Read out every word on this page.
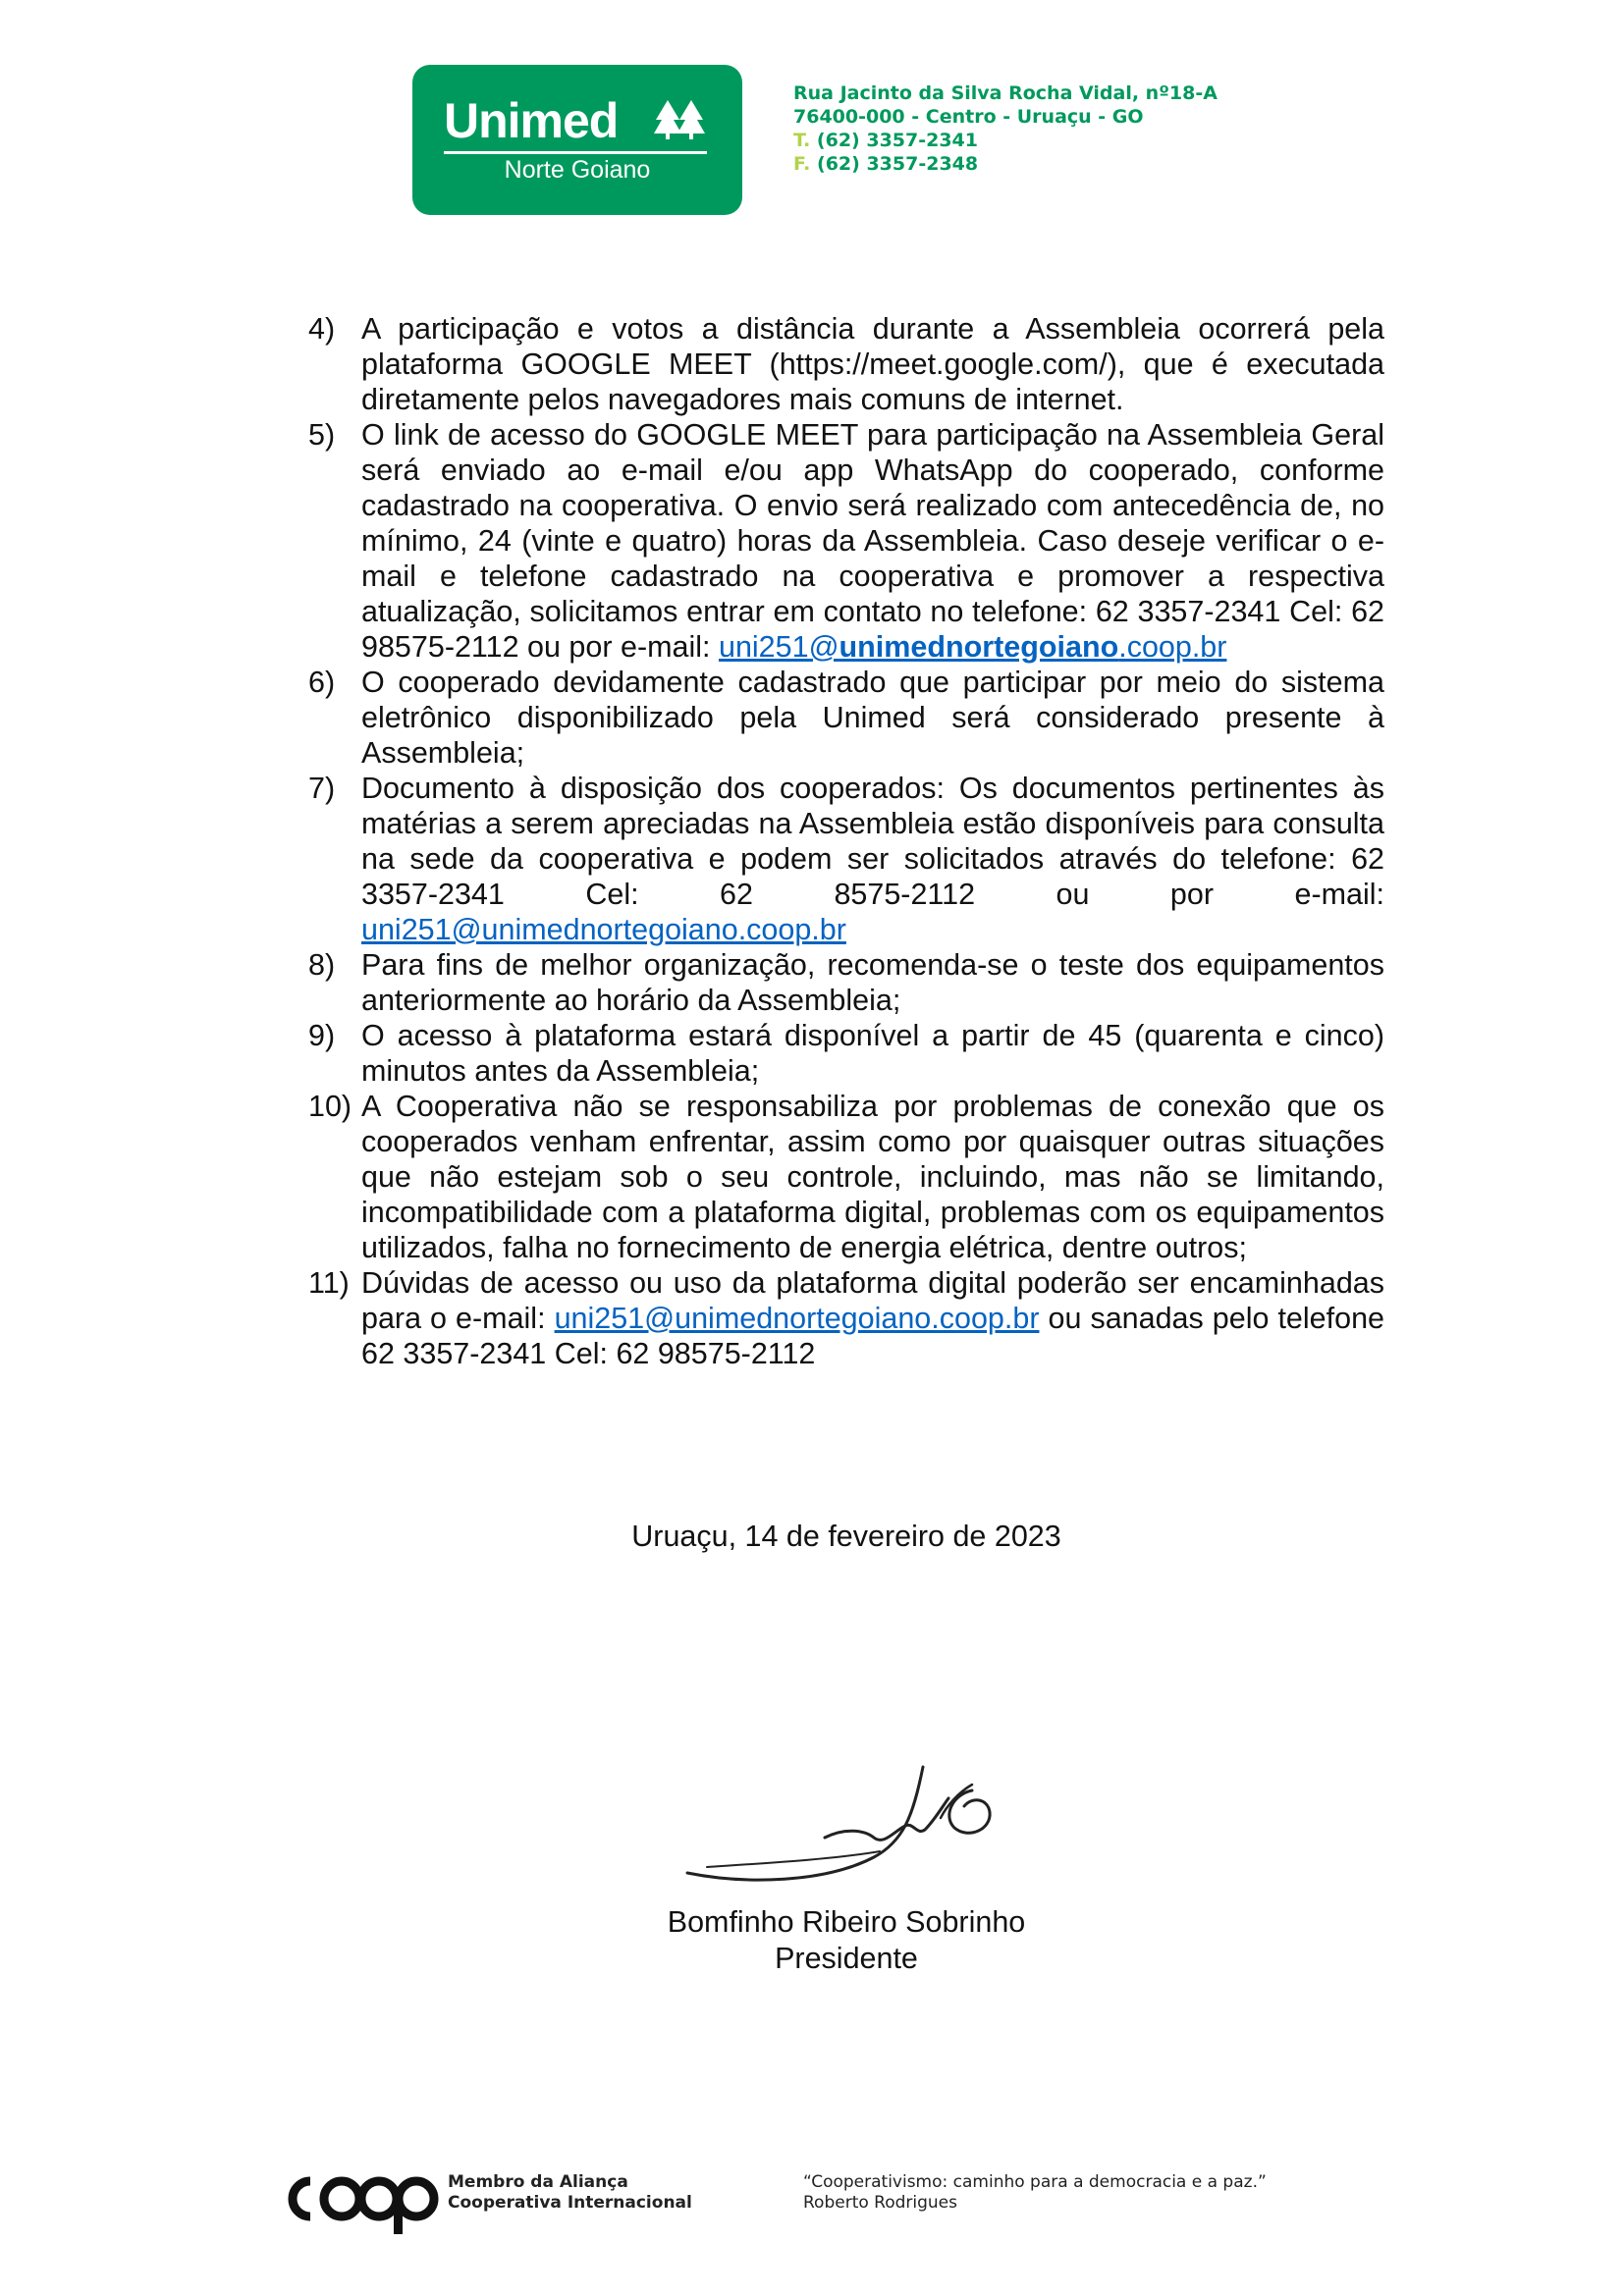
Unimed
Norte Goiano
Rua Jacinto da Silva Rocha Vidal, nº18-A
76400-000 - Centro - Uruaçu - GO
T. (62) 3357-2341
F. (62) 3357-2348
4) A participação e votos a distância durante a Assembleia ocorrerá pela plataforma GOOGLE MEET (https://meet.google.com/), que é executada diretamente pelos navegadores mais comuns de internet.
5) O link de acesso do GOOGLE MEET para participação na Assembleia Geral será enviado ao e-mail e/ou app WhatsApp do cooperado, conforme cadastrado na cooperativa. O envio será realizado com antecedência de, no mínimo, 24 (vinte e quatro) horas da Assembleia. Caso deseje verificar o e-mail e telefone cadastrado na cooperativa e promover a respectiva atualização, solicitamos entrar em contato no telefone: 62 3357-2341 Cel: 62 98575-2112 ou por e-mail: uni251@unimednortegoiano.coop.br
6) O cooperado devidamente cadastrado que participar por meio do sistema eletrônico disponibilizado pela Unimed será considerado presente à Assembleia;
7) Documento à disposição dos cooperados: Os documentos pertinentes às matérias a serem apreciadas na Assembleia estão disponíveis para consulta na sede da cooperativa e podem ser solicitados através do telefone: 62 3357-2341 Cel: 62 8575-2112 ou por e-mail: uni251@unimednortegoiano.coop.br
8) Para fins de melhor organização, recomenda-se o teste dos equipamentos anteriormente ao horário da Assembleia;
9) O acesso à plataforma estará disponível a partir de 45 (quarenta e cinco) minutos antes da Assembleia;
10) A Cooperativa não se responsabiliza por problemas de conexão que os cooperados venham enfrentar, assim como por quaisquer outras situações que não estejam sob o seu controle, incluindo, mas não se limitando, incompatibilidade com a plataforma digital, problemas com os equipamentos utilizados, falha no fornecimento de energia elétrica, dentre outros;
11) Dúvidas de acesso ou uso da plataforma digital poderão ser encaminhadas para o e-mail: uni251@unimednortegoiano.coop.br ou sanadas pelo telefone 62 3357-2341 Cel: 62 98575-2112
Uruaçu, 14 de fevereiro de 2023
Bomfinho Ribeiro Sobrinho
Presidente
Membro da Aliança
Cooperativa Internacional
“Cooperativismo: caminho para a democracia e a paz.”
Roberto Rodrigues
